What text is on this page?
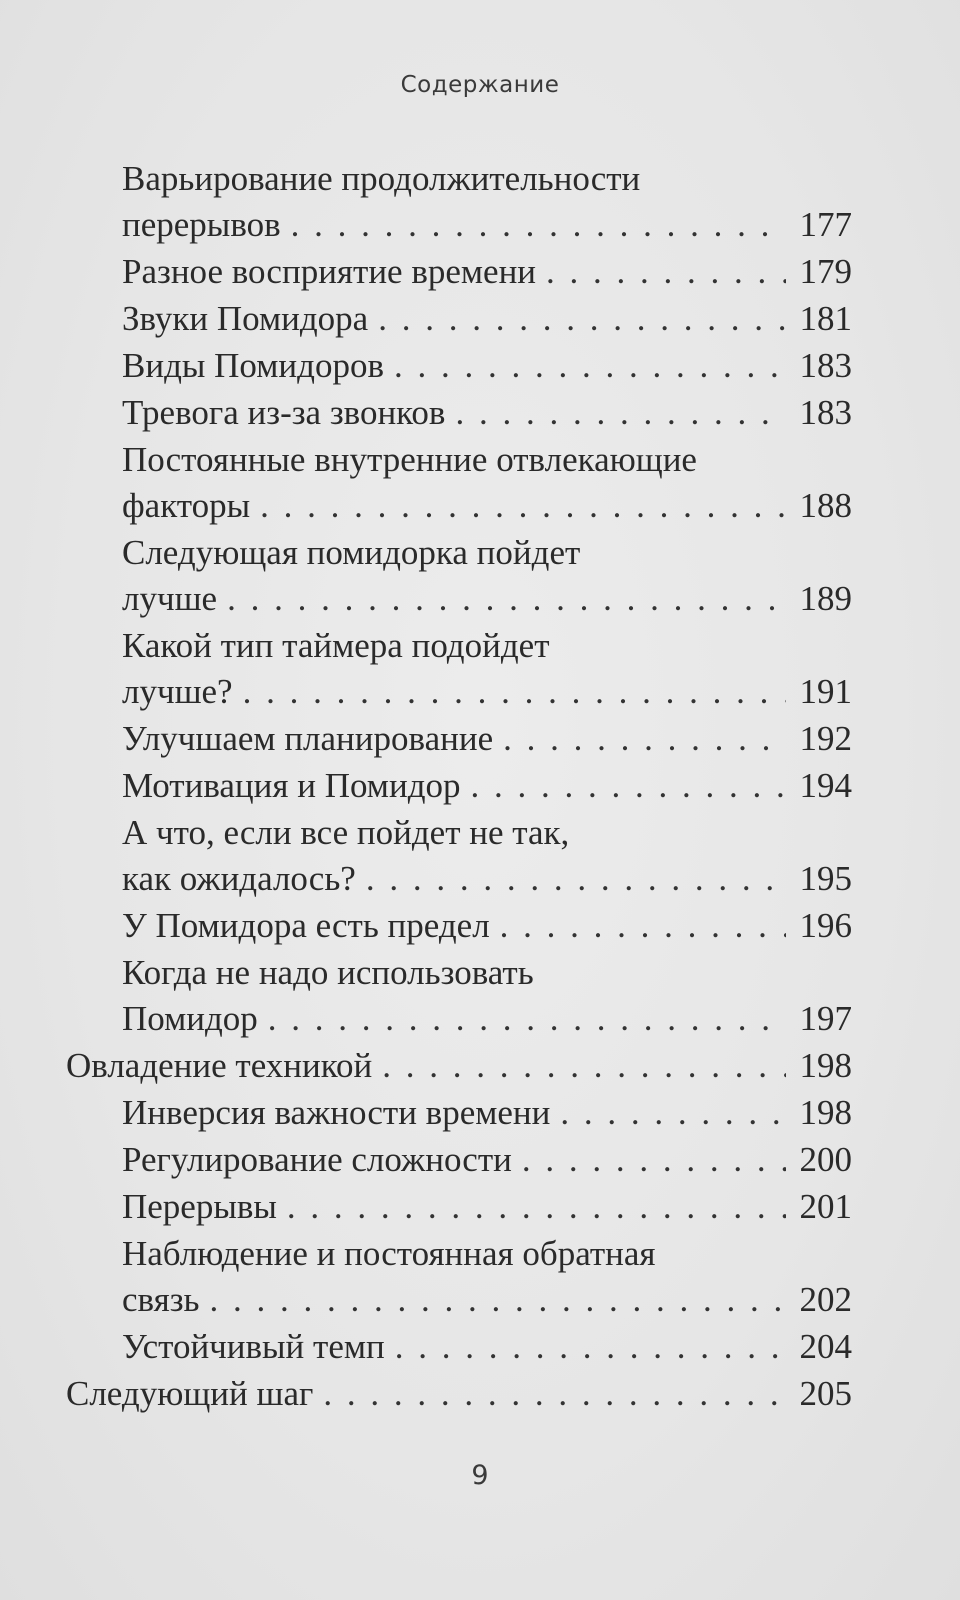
Содержание
Варьирование продолжительности
перерывов . . .	177
Разное восприятие времени . . .	179
Звуки Помидора . . .	181
Виды Помидоров . . .	183
Тревога из-за звонков . . .	183
Постоянные внутренние отвлекающие
факторы . . .	188
Следующая помидорка пойдет
лучше . . .	189
Какой тип таймера подойдет
лучше? . . .	191
Улучшаем планирование . . .	192
Мотивация и Помидор . . .	194
А что, если все пойдет не так,
как ожидалось? . . .	195
У Помидора есть предел . . .	196
Когда не надо использовать
Помидор . . .	197
Овладение техникой . . .	198
Инверсия важности времени . . .	198
Регулирование сложности . . .	200
Перерывы . . .	201
Наблюдение и постоянная обратная
связь . . .	202
Устойчивый темп . . .	204
Следующий шаг . . .	205
9
